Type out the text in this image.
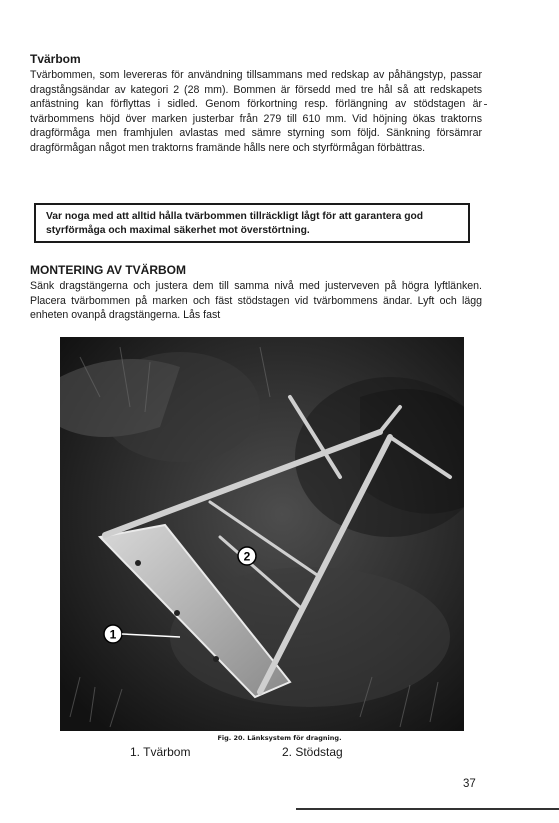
Tvärbom

Tvärbommen, som levereras för användning tillsammans med redskap av påhängstyp, passar dragstångsändar av kategori 2 (28 mm). Bommen är försedd med tre hål så att redskapets anfästning kan förflyttas i sidled. Genom förkortning resp. förlängning av stödstagen är tvärbommens höjd över marken justerbar från 279 till 610 mm. Vid höjning ökas traktorns dragförmåga men framhjulen avlastas med sämre styrning som följd. Sänkning försämrar dragförmågan något men traktorns framände hålls nere och styrförmågan förbättras.

Var noga med att alltid hålla tvärbommen tillräckligt lågt för att garantera god styrförmåga och maximal säkerhet mot överstörtning.
MONTERING AV TVÄRBOM

Sänk dragstängerna och justera dem till samma nivå med justerveven på högra lyftlänken. Placera tvärbommen på marken och fäst stödstagen vid tvärbommens ändar. Lyft och lägg enheten ovanpå dragstängerna. Lås fast

1
2
Fig. 20. Länksystem för dragning.
1. Tvärbom	2. Stödstag
37
